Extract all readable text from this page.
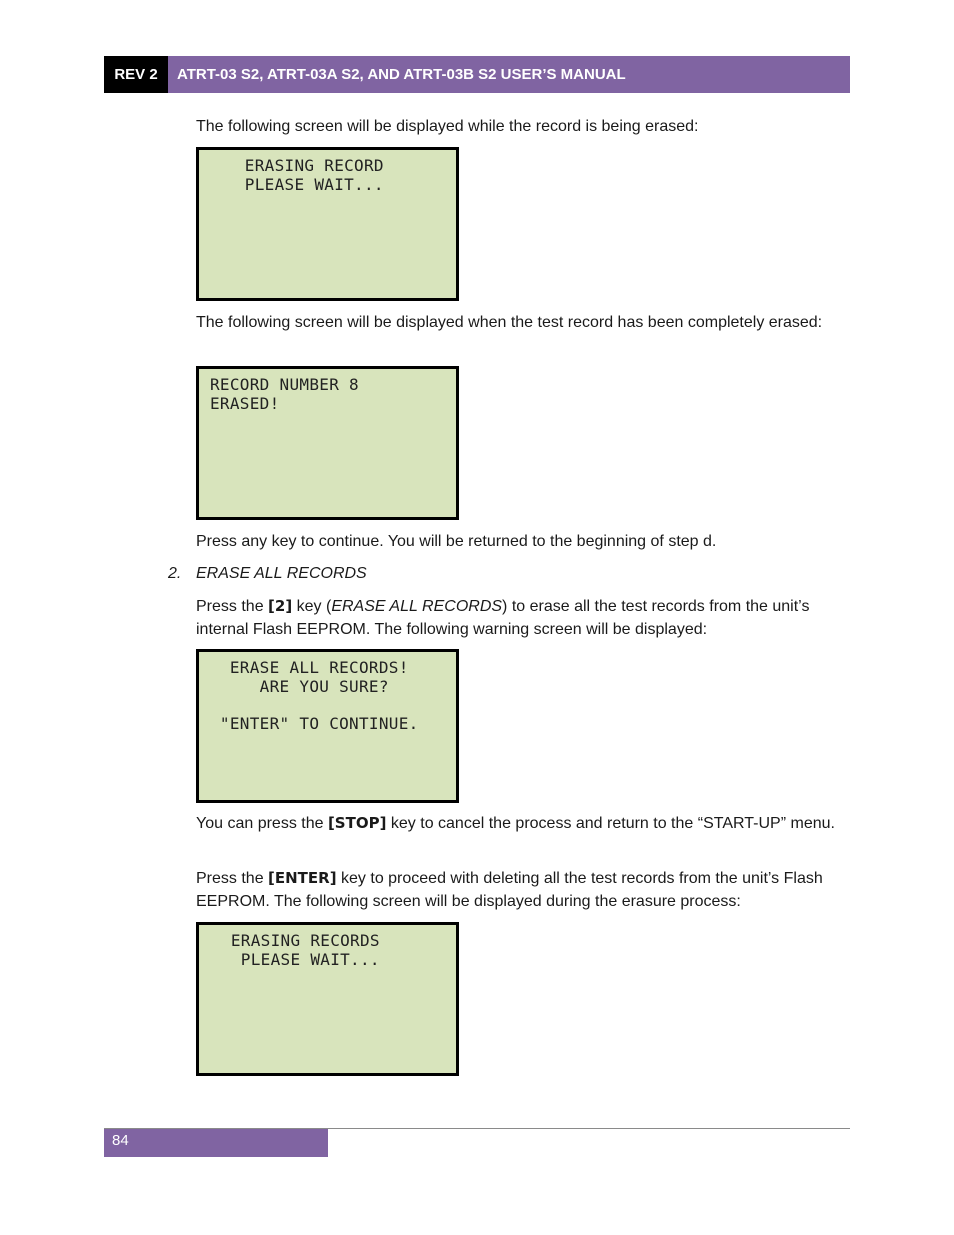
REV 2	ATRT-03 S2, ATRT-03A S2, AND ATRT-03B S2 USER’S MANUAL

The following screen will be displayed while the record is being erased:

ERASING RECORD
PLEASE WAIT...

The following screen will be displayed when the test record has been completely erased:

RECORD NUMBER 8
ERASED!

Press any key to continue. You will be returned to the beginning of step d.

2. ERASE ALL RECORDS

Press the [2] key (ERASE ALL RECORDS) to erase all the test records from the unit’s internal Flash EEPROM. The following warning screen will be displayed:

ERASE ALL RECORDS!
ARE YOU SURE?
"ENTER" TO CONTINUE.

You can press the [STOP] key to cancel the process and return to the “START-UP” menu.

Press the [ENTER] key to proceed with deleting all the test records from the unit’s Flash EEPROM. The following screen will be displayed during the erasure process:

ERASING RECORDS
PLEASE WAIT...
84
